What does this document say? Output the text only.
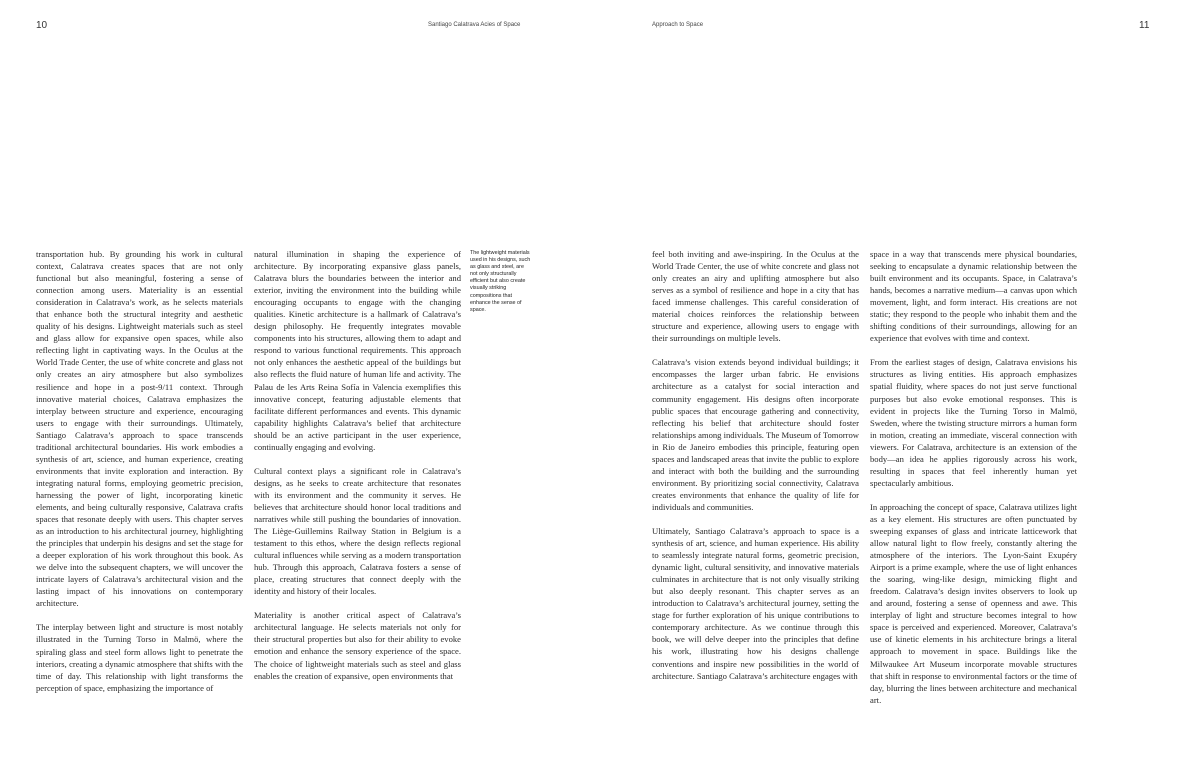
10	Santiago Calatrava Acies of Space

transportation hub. By grounding his work in cultural context, Calatrava creates spaces that are not only functional but also meaningful, fostering a sense of connection among users. Materiality is an essential consideration in Calatrava’s work, as he selects materials that enhance both the structural integrity and aesthetic quality of his designs. Lightweight materials such as steel and glass allow for expansive open spaces, while also reflecting light in captivating ways. In the Oculus at the World Trade Center, the use of white concrete and glass not only creates an airy atmosphere but also symbolizes resilience and hope in a post-9/11 context. Through innovative material choices, Calatrava emphasizes the interplay between structure and experience, encouraging users to engage with their surroundings. Ultimately, Santiago Calatrava’s approach to space transcends traditional architectural boundaries. His work embodies a synthesis of art, science, and human experience, creating environments that invite exploration and interaction. By integrating natural forms, employing geometric precision, harnessing the power of light, incorporating kinetic elements, and being culturally responsive, Calatrava crafts spaces that resonate deeply with users. This chapter serves as an introduction to his architectural journey, highlighting the principles that underpin his designs and set the stage for a deeper exploration of his work throughout this book. As we delve into the subsequent chapters, we will uncover the intricate layers of Calatrava’s architectural vision and the lasting impact of his innovations on contemporary architecture.

The interplay between light and structure is most notably illustrated in the Turning Torso in Malmö, where the spiraling glass and steel form allows light to penetrate the interiors, creating a dynamic atmosphere that shifts with the time of day. This relationship with light transforms the perception of space, emphasizing the importance of

natural illumination in shaping the experience of architecture. By incorporating expansive glass panels, Calatrava blurs the boundaries between the interior and exterior, inviting the environment into the building while encouraging occupants to engage with the changing qualities. Kinetic architecture is a hallmark of Calatrava’s design philosophy. He frequently integrates movable components into his structures, allowing them to adapt and respond to various functional requirements. This approach not only enhances the aesthetic appeal of the buildings but also reflects the fluid nature of human life and activity. The Palau de les Arts Reina Sofía in Valencia exemplifies this innovative concept, featuring adjustable elements that facilitate different performances and events. This dynamic capability highlights Calatrava’s belief that architecture should be an active participant in the user experience, continually engaging and evolving.

Cultural context plays a significant role in Calatrava’s designs, as he seeks to create architecture that resonates with its environment and the community it serves. He believes that architecture should honor local traditions and narratives while still pushing the boundaries of innovation. The Liège-Guillemins Railway Station in Belgium is a testament to this ethos, where the design reflects regional cultural influences while serving as a modern transportation hub. Through this approach, Calatrava fosters a sense of place, creating structures that connect deeply with the identity and history of their locales.

Materiality is another critical aspect of Calatrava’s architectural language. He selects materials not only for their structural properties but also for their ability to evoke emotion and enhance the sensory experience of the space. The choice of lightweight materials such as steel and glass enables the creation of expansive, open environments that

The lightweight materials used in his designs, such as glass and steel, are not only structurally efficient but also create visually striking compositions that enhance the sense of space.
Approach to Space	11

feel both inviting and awe-inspiring. In the Oculus at the World Trade Center, the use of white concrete and glass not only creates an airy and uplifting atmosphere but also serves as a symbol of resilience and hope in a city that has faced immense challenges. This careful consideration of material choices reinforces the relationship between structure and experience, allowing users to engage with their surroundings on multiple levels.

Calatrava’s vision extends beyond individual buildings; it encompasses the larger urban fabric. He envisions architecture as a catalyst for social interaction and community engagement. His designs often incorporate public spaces that encourage gathering and connectivity, reflecting his belief that architecture should foster relationships among individuals. The Museum of Tomorrow in Rio de Janeiro embodies this principle, featuring open spaces and landscaped areas that invite the public to explore and interact with both the building and the surrounding environment. By prioritizing social connectivity, Calatrava creates environments that enhance the quality of life for individuals and communities.

Ultimately, Santiago Calatrava’s approach to space is a synthesis of art, science, and human experience. His ability to seamlessly integrate natural forms, geometric precision, dynamic light, cultural sensitivity, and innovative materials culminates in architecture that is not only visually striking but also deeply resonant. This chapter serves as an introduction to Calatrava’s architectural journey, setting the stage for further exploration of his unique contributions to contemporary architecture. As we continue through this book, we will delve deeper into the principles that define his work, illustrating how his designs challenge conventions and inspire new possibilities in the world of architecture. Santiago Calatrava’s architecture engages with

space in a way that transcends mere physical boundaries, seeking to encapsulate a dynamic relationship between the built environment and its occupants. Space, in Calatrava’s hands, becomes a narrative medium—a canvas upon which movement, light, and form interact. His creations are not static; they respond to the people who inhabit them and the shifting conditions of their surroundings, allowing for an experience that evolves with time and context.

From the earliest stages of design, Calatrava envisions his structures as living entities. His approach emphasizes spatial fluidity, where spaces do not just serve functional purposes but also evoke emotional responses. This is evident in projects like the Turning Torso in Malmö, Sweden, where the twisting structure mirrors a human form in motion, creating an immediate, visceral connection with viewers. For Calatrava, architecture is an extension of the body—an idea he applies rigorously across his work, resulting in spaces that feel inherently human yet spectacularly ambitious.

In approaching the concept of space, Calatrava utilizes light as a key element. His structures are often punctuated by sweeping expanses of glass and intricate latticework that allow natural light to flow freely, constantly altering the atmosphere of the interiors. The Lyon-Saint Exupéry Airport is a prime example, where the use of light enhances the soaring, wing-like design, mimicking flight and freedom. Calatrava’s design invites observers to look up and around, fostering a sense of openness and awe. This interplay of light and structure becomes integral to how space is perceived and experienced. Moreover, Calatrava’s use of kinetic elements in his architecture brings a literal approach to movement in space. Buildings like the Milwaukee Art Museum incorporate movable structures that shift in response to environmental factors or the time of day, blurring the lines between architecture and mechanical art.
